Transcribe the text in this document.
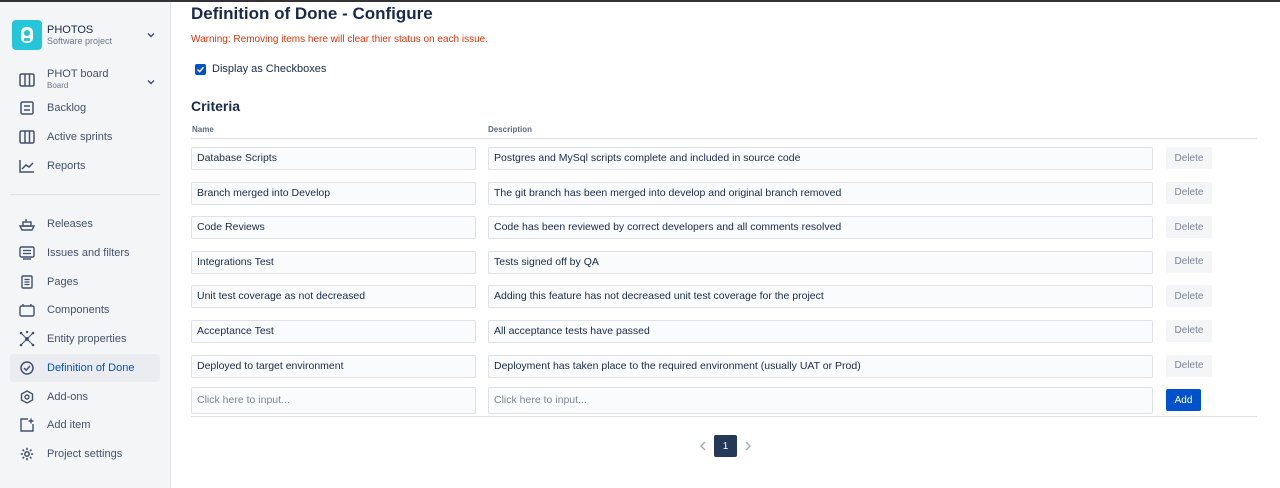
PHOTOS
Software project
PHOT board
Board
Backlog
Active sprints
Reports
Releases
Issues and filters
Pages
Components
Entity properties
Definition of Done
Add-ons
Add item
Project settings
Definition of Done - Configure
Warning: Removing items here will clear thier status on each issue.
Display as Checkboxes
Criteria
Name	Description
Database Scripts	Postgres and MySql scripts complete and included in source code	Delete
Branch merged into Develop	The git branch has been merged into develop and original branch removed	Delete
Code Reviews	Code has been reviewed by correct developers and all comments resolved	Delete
Integrations Test	Tests signed off by QA	Delete
Unit test coverage as not decreased	Adding this feature has not decreased unit test coverage for the project	Delete
Acceptance Test	All acceptance tests have passed	Delete
Deployed to target environment	Deployment has taken place to the required environment (usually UAT or Prod)	Delete
Click here to input...	Click here to input...	Add
1
